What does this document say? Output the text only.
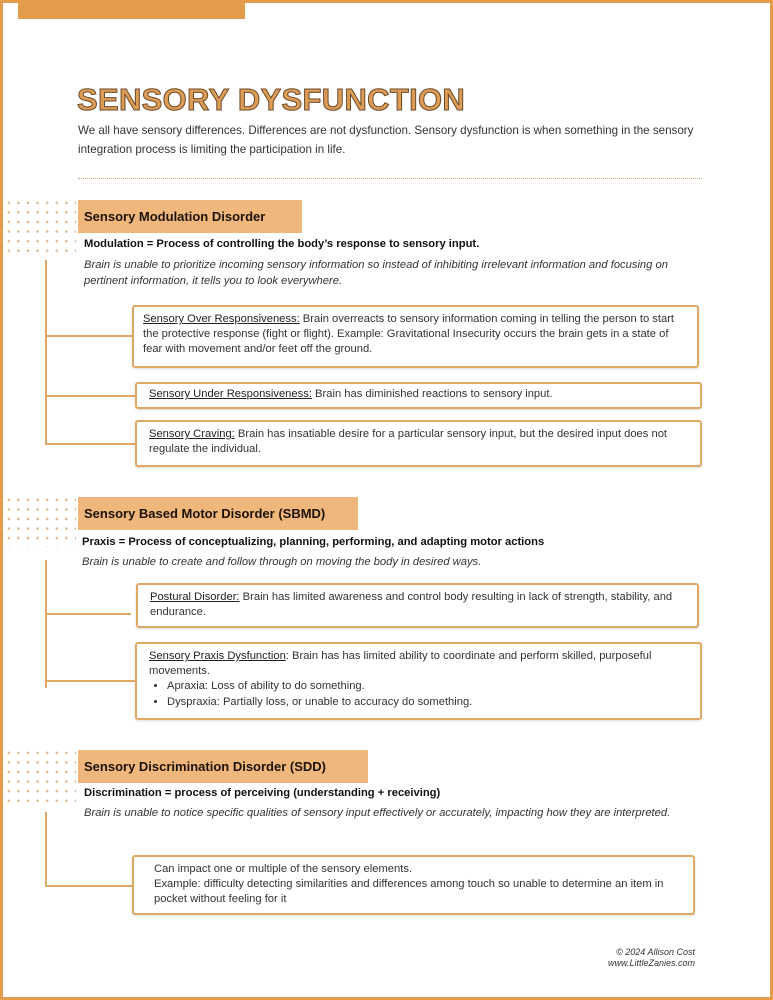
SENSORY DYSFUNCTION
We all have sensory differences. Differences are not dysfunction. Sensory dysfunction is when something in the sensory integration process is limiting the participation in life.
Sensory Modulation Disorder
Modulation = Process of controlling the body’s response to sensory input.
Brain is unable to prioritize incoming sensory information so instead of inhibiting irrelevant information and focusing on pertinent information, it tells you to look everywhere.
Sensory Over Responsiveness: Brain overreacts to sensory information coming in telling the person to start the protective response (fight or flight). Example: Gravitational Insecurity occurs the brain gets in a state of fear with movement and/or feet off the ground.
Sensory Under Responsiveness: Brain has diminished reactions to sensory input.
Sensory Craving: Brain has insatiable desire for a particular sensory input, but the desired input does not regulate the individual.
Sensory Based Motor Disorder (SBMD)
Praxis = Process of conceptualizing, planning, performing, and adapting motor actions
Brain is unable to create and follow through on moving the body in desired ways.
Postural Disorder: Brain has limited awareness and control body resulting in lack of strength, stability, and endurance.
Sensory Praxis Dysfunction: Brain has has limited ability to coordinate and perform skilled, purposeful movements.
• Apraxia: Loss of ability to do something.
• Dyspraxia: Partially loss, or unable to accuracy do something.
Sensory Discrimination Disorder (SDD)
Discrimination = process of perceiving (understanding + receiving)
Brain is unable to notice specific qualities of sensory input effectively or accurately, impacting how they are interpreted.
Can impact one or multiple of the sensory elements.
Example: difficulty detecting similarities and differences among touch so unable to determine an item in pocket without feeling for it
© 2024 Allison Cost
www.LittleZanies.com
